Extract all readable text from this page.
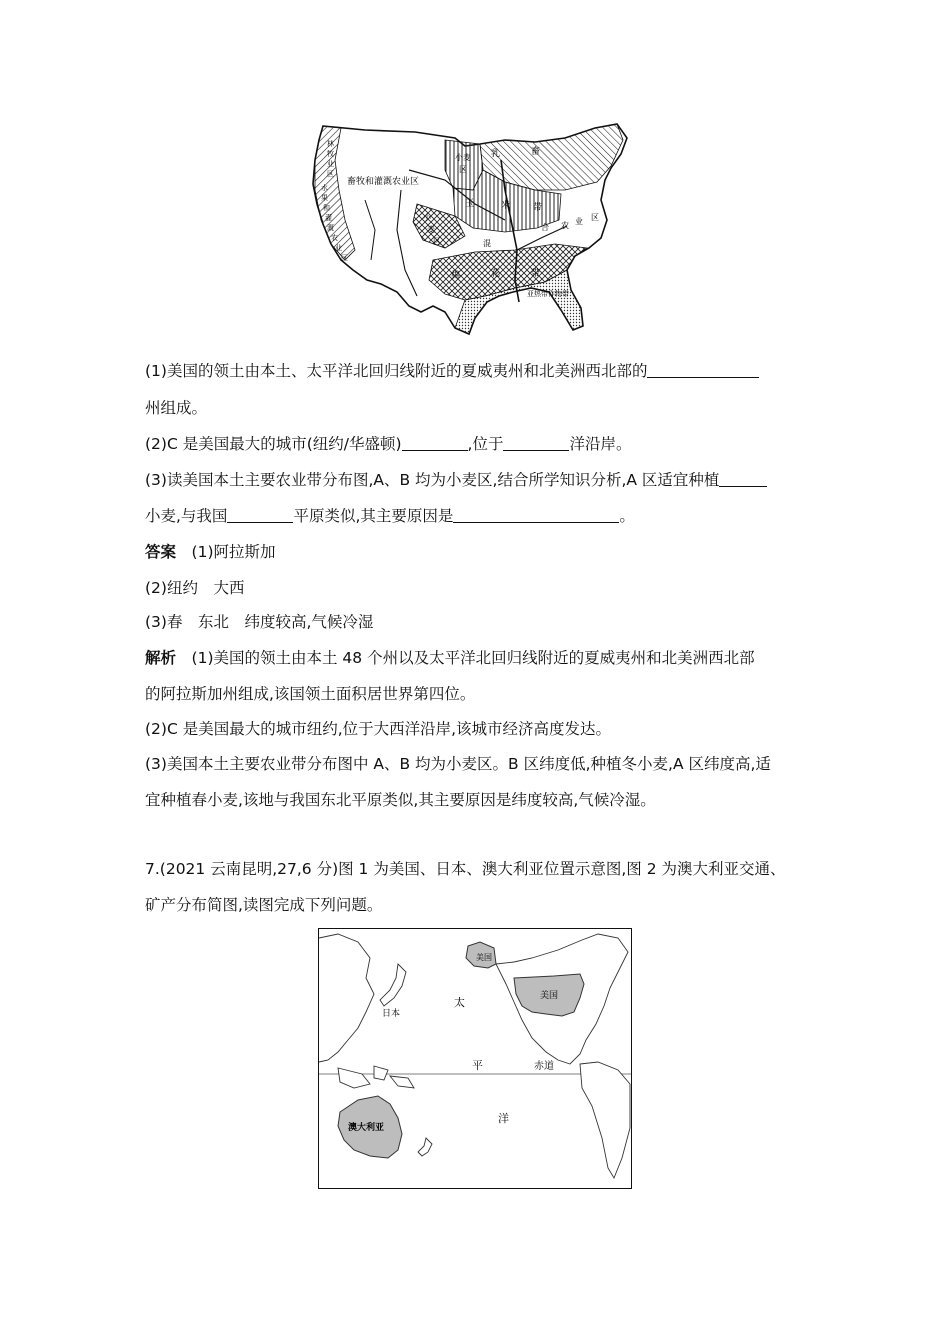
畜牧和灌溉农业区
小麦
区
乳	畜
玉	米	带
小
麦
区	混
合 农 业 区
棉	花	带
亚热带作物带
林
牧
业
区
水
果
和
灌
溉
农
业
区
(1)美国的领土由本土、太平洋北回归线附近的夏威夷州和北美洲西北部的
州组成。
(2)C 是美国最大的城市(纽约/华盛顿)	,位于	洋沿岸。
(3)读美国本土主要农业带分布图,A、B 均为小麦区,结合所学知识分析,A 区适宜种植
小麦,与我国	平原类似,其主要原因是	。
答案　 (1)阿拉斯加
(2)纽约　大西
(3)春　东北　纬度较高,气候冷湿
解析　 (1)美国的领土由本土 48 个州以及太平洋北回归线附近的夏威夷州和北美洲西北部
的阿拉斯加州组成,该国领土面积居世界第四位。
(2)C 是美国最大的城市纽约,位于大西洋沿岸,该城市经济高度发达。
(3)美国本土主要农业带分布图中 A、B 均为小麦区。B 区纬度低,种植冬小麦,A 区纬度高,适
宜种植春小麦,该地与我国东北平原类似,其主要原因是纬度较高,气候冷湿。
7.(2021 云南昆明,27,6 分)图 1 为美国、日本、澳大利亚位置示意图,图 2 为澳大利亚交通、
矿产分布简图,读图完成下列问题。
美国
美国
日本
太
平
洋
赤道
澳大利亚
